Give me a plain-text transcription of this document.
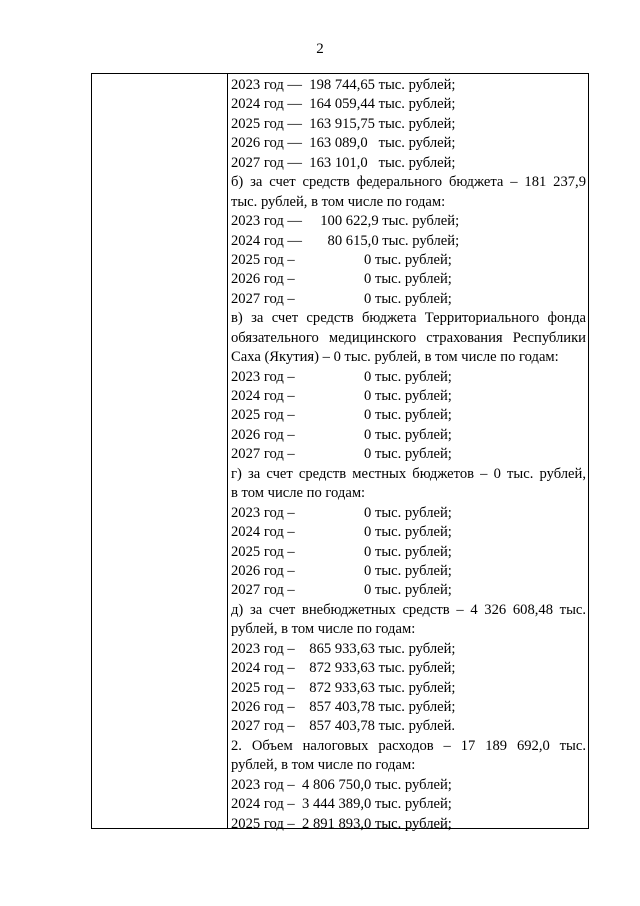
2
2023 год —  198 744,65 тыс. рублей;
2024 год —  164 059,44 тыс. рублей;
2025 год —  163 915,75 тыс. рублей;
2026 год —  163 089,0   тыс. рублей;
2027 год —  163 101,0   тыс. рублей;
б) за счет средств федерального бюджета – 181 237,9
тыс. рублей, в том числе по годам:
2023 год —     100 622,9 тыс. рублей;
2024 год —       80 615,0 тыс. рублей;
2025 год –                   0 тыс. рублей;
2026 год –                   0 тыс. рублей;
2027 год –                   0 тыс. рублей;
в) за счет средств бюджета Территориального фонда
обязательного медицинского страхования Республики
Саха (Якутия) – 0 тыс. рублей, в том числе по годам:
2023 год –                   0 тыс. рублей;
2024 год –                   0 тыс. рублей;
2025 год –                   0 тыс. рублей;
2026 год –                   0 тыс. рублей;
2027 год –                   0 тыс. рублей;
г) за счет средств местных бюджетов – 0 тыс. рублей,
в том числе по годам:
2023 год –                   0 тыс. рублей;
2024 год –                   0 тыс. рублей;
2025 год –                   0 тыс. рублей;
2026 год –                   0 тыс. рублей;
2027 год –                   0 тыс. рублей;
д) за счет внебюджетных средств – 4 326 608,48 тыс.
рублей, в том числе по годам:
2023 год –    865 933,63 тыс. рублей;
2024 год –    872 933,63 тыс. рублей;
2025 год –    872 933,63 тыс. рублей;
2026 год –    857 403,78 тыс. рублей;
2027 год –    857 403,78 тыс. рублей.
2. Объем налоговых расходов – 17 189 692,0 тыс.
рублей, в том числе по годам:
2023 год –  4 806 750,0 тыс. рублей;
2024 год –  3 444 389,0 тыс. рублей;
2025 год –  2 891 893,0 тыс. рублей;
